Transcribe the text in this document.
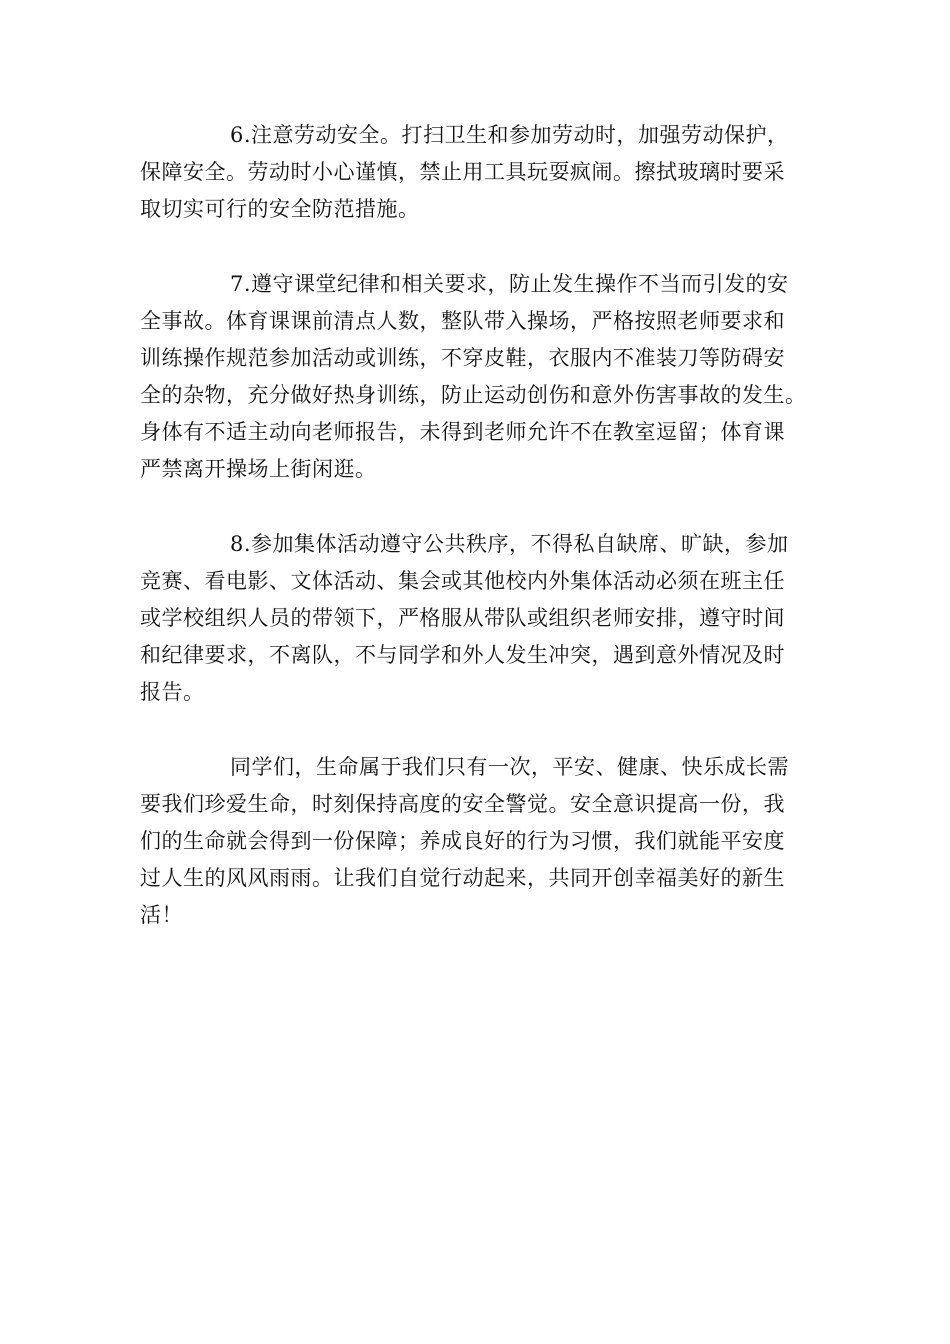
6.注意劳动安全。打扫卫生和参加劳动时，加强劳动保护，
保障安全。劳动时小心谨慎，禁止用工具玩耍疯闹。擦拭玻璃时要采
取切实可行的安全防范措施。

7.遵守课堂纪律和相关要求，防止发生操作不当而引发的安
全事故。体育课课前清点人数，整队带入操场，严格按照老师要求和
训练操作规范参加活动或训练，不穿皮鞋，衣服内不准装刀等防碍安
全的杂物，充分做好热身训练，防止运动创伤和意外伤害事故的发生。
身体有不适主动向老师报告，未得到老师允许不在教室逗留；体育课
严禁离开操场上街闲逛。

8.参加集体活动遵守公共秩序，不得私自缺席、旷缺，参加
竞赛、看电影、文体活动、集会或其他校内外集体活动必须在班主任
或学校组织人员的带领下，严格服从带队或组织老师安排，遵守时间
和纪律要求，不离队，不与同学和外人发生冲突，遇到意外情况及时
报告。

同学们，生命属于我们只有一次，平安、健康、快乐成长需
要我们珍爱生命，时刻保持高度的安全警觉。安全意识提高一份，我
们的生命就会得到一份保障；养成良好的行为习惯，我们就能平安度
过人生的风风雨雨。让我们自觉行动起来，共同开创幸福美好的新生
活！
